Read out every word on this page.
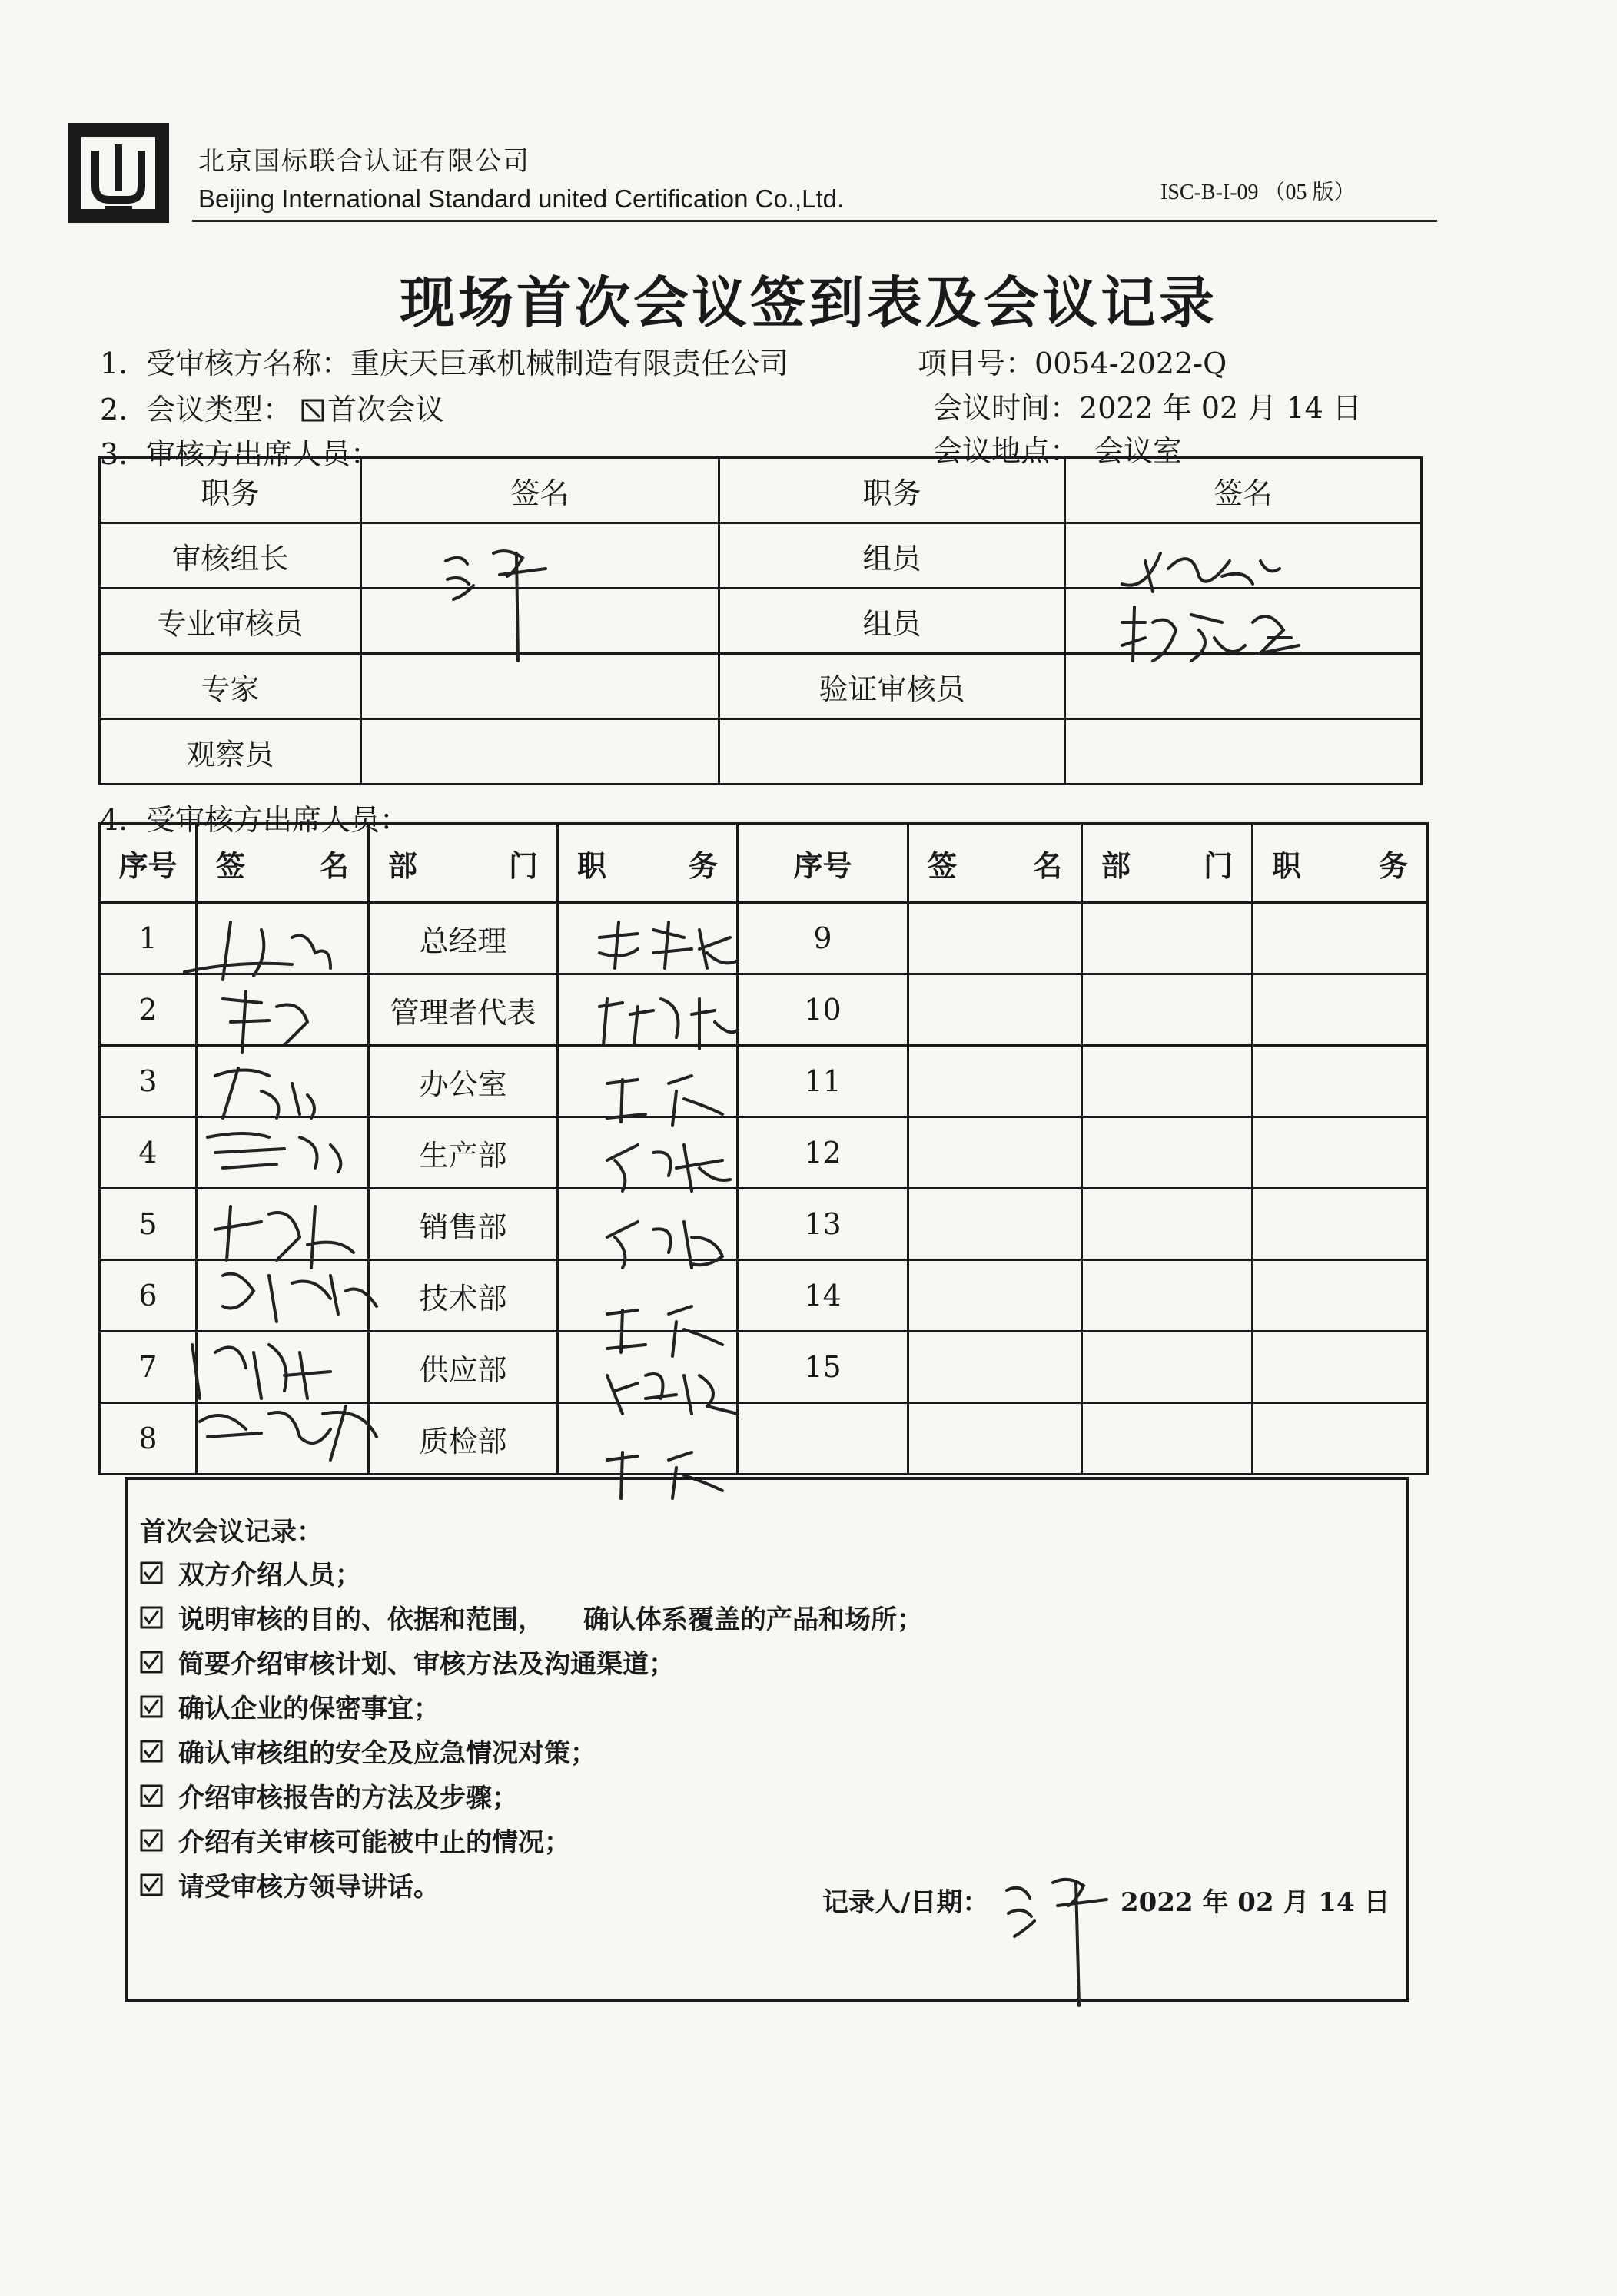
北京国标联合认证有限公司
Beijing International Standard united Certification Co.,Ltd.	ISC-B-I-09 （05 版）
现场首次会议签到表及会议记录
1. 受审核方名称：重庆天巨承机械制造有限责任公司	项目号：0054-2022-Q
2. 会议类型： 首次会议	会议时间：2022 年 02 月 14 日
3. 审核方出席人员：	会议地点： 会议室
职务	签名	职务	签名
审核组长		组员	
专业审核员		组员	
专家		验证审核员	
观察员			
4. 受审核方出席人员：
序号	签 名	部 门	职 务	序号	签 名	部 门	职 务

1		总经理		9			
2		管理者代表		10			
3		办公室		11			
4		生产部		12			
5		销售部		13			
6		技术部		14			
7		供应部		15			
8		质检部					
首次会议记录：
双方介绍人员；
说明审核的目的、依据和范围，　　确认体系覆盖的产品和场所；
简要介绍审核计划、审核方法及沟通渠道；
确认企业的保密事宜；
确认审核组的安全及应急情况对策；
介绍审核报告的方法及步骤；
介绍有关审核可能被中止的情况；
请受审核方领导讲话。	记录人/日期：	2022 年 02 月 14 日
